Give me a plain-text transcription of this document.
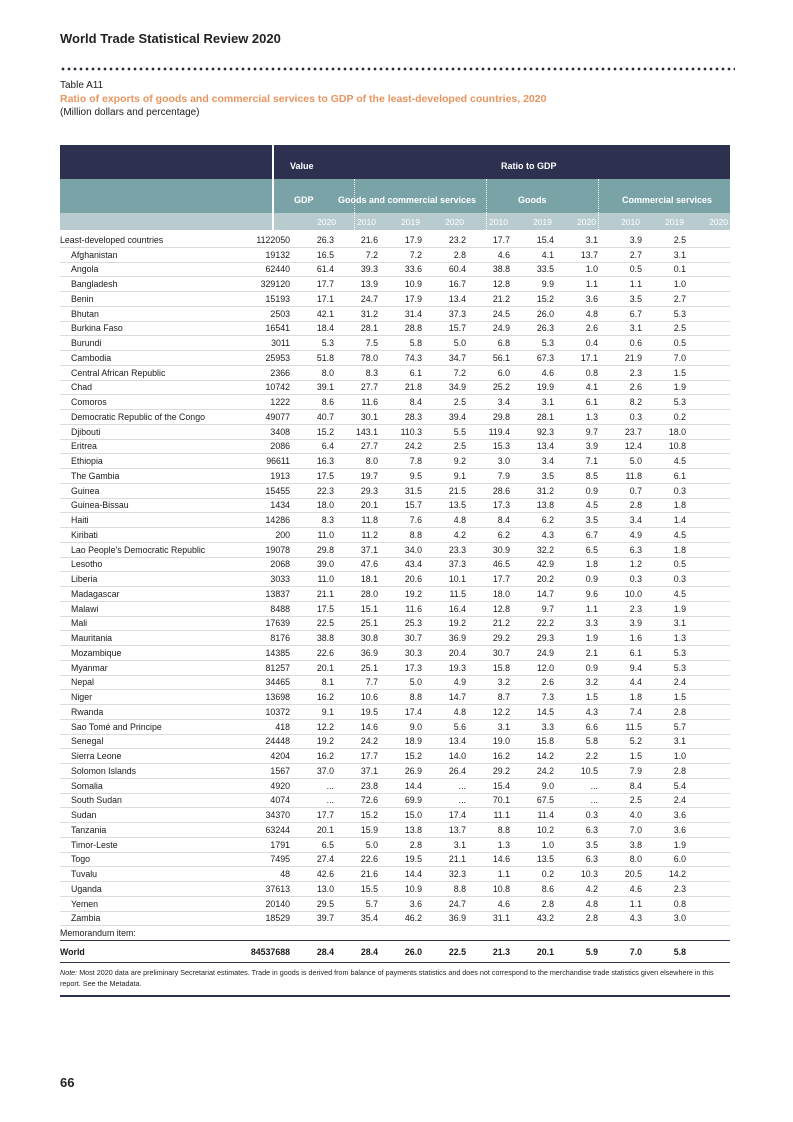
World Trade Statistical Review 2020
Table A11
Ratio of exports of goods and commercial services to GDP of the least-developed countries, 2020
(Million dollars and percentage)
Value	Ratio to GDP
GDP	Goods and commercial services	Goods	Commercial services
2020	2010	2019	2020	2010	2019	2020	2010	2019	2020
Least-developed countries	1122050	26.3	21.6	17.9	23.2	17.7	15.4	3.1	3.9	2.5
Afghanistan	19132	16.5	7.2	7.2	2.8	4.6	4.1	13.7	2.7	3.1
Angola	62440	61.4	39.3	33.6	60.4	38.8	33.5	1.0	0.5	0.1
Bangladesh	329120	17.7	13.9	10.9	16.7	12.8	9.9	1.1	1.1	1.0
Benin	15193	17.1	24.7	17.9	13.4	21.2	15.2	3.6	3.5	2.7
Bhutan	2503	42.1	31.2	31.4	37.3	24.5	26.0	4.8	6.7	5.3
Burkina Faso	16541	18.4	28.1	28.8	15.7	24.9	26.3	2.6	3.1	2.5
Burundi	3011	5.3	7.5	5.8	5.0	6.8	5.3	0.4	0.6	0.5
Cambodia	25953	51.8	78.0	74.3	34.7	56.1	67.3	17.1	21.9	7.0
Central African Republic	2366	8.0	8.3	6.1	7.2	6.0	4.6	0.8	2.3	1.5
Chad	10742	39.1	27.7	21.8	34.9	25.2	19.9	4.1	2.6	1.9
Comoros	1222	8.6	11.6	8.4	2.5	3.4	3.1	6.1	8.2	5.3
Democratic Republic of the Congo	49077	40.7	30.1	28.3	39.4	29.8	28.1	1.3	0.3	0.2
Djibouti	3408	15.2	143.1	110.3	5.5	119.4	92.3	9.7	23.7	18.0
Eritrea	2086	6.4	27.7	24.2	2.5	15.3	13.4	3.9	12.4	10.8
Ethiopia	96611	16.3	8.0	7.8	9.2	3.0	3.4	7.1	5.0	4.5
The Gambia	1913	17.5	19.7	9.5	9.1	7.9	3.5	8.5	11.8	6.1
Guinea	15455	22.3	29.3	31.5	21.5	28.6	31.2	0.9	0.7	0.3
Guinea-Bissau	1434	18.0	20.1	15.7	13.5	17.3	13.8	4.5	2.8	1.8
Haiti	14286	8.3	11.8	7.6	4.8	8.4	6.2	3.5	3.4	1.4
Kiribati	200	11.0	11.2	8.8	4.2	6.2	4.3	6.7	4.9	4.5
Lao People's Democratic Republic	19078	29.8	37.1	34.0	23.3	30.9	32.2	6.5	6.3	1.8
Lesotho	2068	39.0	47.6	43.4	37.3	46.5	42.9	1.8	1.2	0.5
Liberia	3033	11.0	18.1	20.6	10.1	17.7	20.2	0.9	0.3	0.3
Madagascar	13837	21.1	28.0	19.2	11.5	18.0	14.7	9.6	10.0	4.5
Malawi	8488	17.5	15.1	11.6	16.4	12.8	9.7	1.1	2.3	1.9
Mali	17639	22.5	25.1	25.3	19.2	21.2	22.2	3.3	3.9	3.1
Mauritania	8176	38.8	30.8	30.7	36.9	29.2	29.3	1.9	1.6	1.3
Mozambique	14385	22.6	36.9	30.3	20.4	30.7	24.9	2.1	6.1	5.3
Myanmar	81257	20.1	25.1	17.3	19.3	15.8	12.0	0.9	9.4	5.3
Nepal	34465	8.1	7.7	5.0	4.9	3.2	2.6	3.2	4.4	2.4
Niger	13698	16.2	10.6	8.8	14.7	8.7	7.3	1.5	1.8	1.5
Rwanda	10372	9.1	19.5	17.4	4.8	12.2	14.5	4.3	7.4	2.8
Sao Tomé and Principe	418	12.2	14.6	9.0	5.6	3.1	3.3	6.6	11.5	5.7
Senegal	24448	19.2	24.2	18.9	13.4	19.0	15.8	5.8	5.2	3.1
Sierra Leone	4204	16.2	17.7	15.2	14.0	16.2	14.2	2.2	1.5	1.0
Solomon Islands	1567	37.0	37.1	26.9	26.4	29.2	24.2	10.5	7.9	2.8
Somalia	4920	...	23.8	14.4	...	15.4	9.0	...	8.4	5.4
South Sudan	4074	...	72.6	69.9	...	70.1	67.5	...	2.5	2.4
Sudan	34370	17.7	15.2	15.0	17.4	11.1	11.4	0.3	4.0	3.6
Tanzania	63244	20.1	15.9	13.8	13.7	8.8	10.2	6.3	7.0	3.6
Timor-Leste	1791	6.5	5.0	2.8	3.1	1.3	1.0	3.5	3.8	1.9
Togo	7495	27.4	22.6	19.5	21.1	14.6	13.5	6.3	8.0	6.0
Tuvalu	48	42.6	21.6	14.4	32.3	1.1	0.2	10.3	20.5	14.2
Uganda	37613	13.0	15.5	10.9	8.8	10.8	8.6	4.2	4.6	2.3
Yemen	20140	29.5	5.7	3.6	24.7	4.6	2.8	4.8	1.1	0.8
Zambia	18529	39.7	35.4	46.2	36.9	31.1	43.2	2.8	4.3	3.0
Memorandum item:
World	84537688	28.4	28.4	26.0	22.5	21.3	20.1	5.9	7.0	5.8
Note: Most 2020 data are preliminary Secretariat estimates. Trade in goods is derived from balance of payments statistics and does not correspond to the merchandise trade statistics given elsewhere in this report. See the Metadata.
66
